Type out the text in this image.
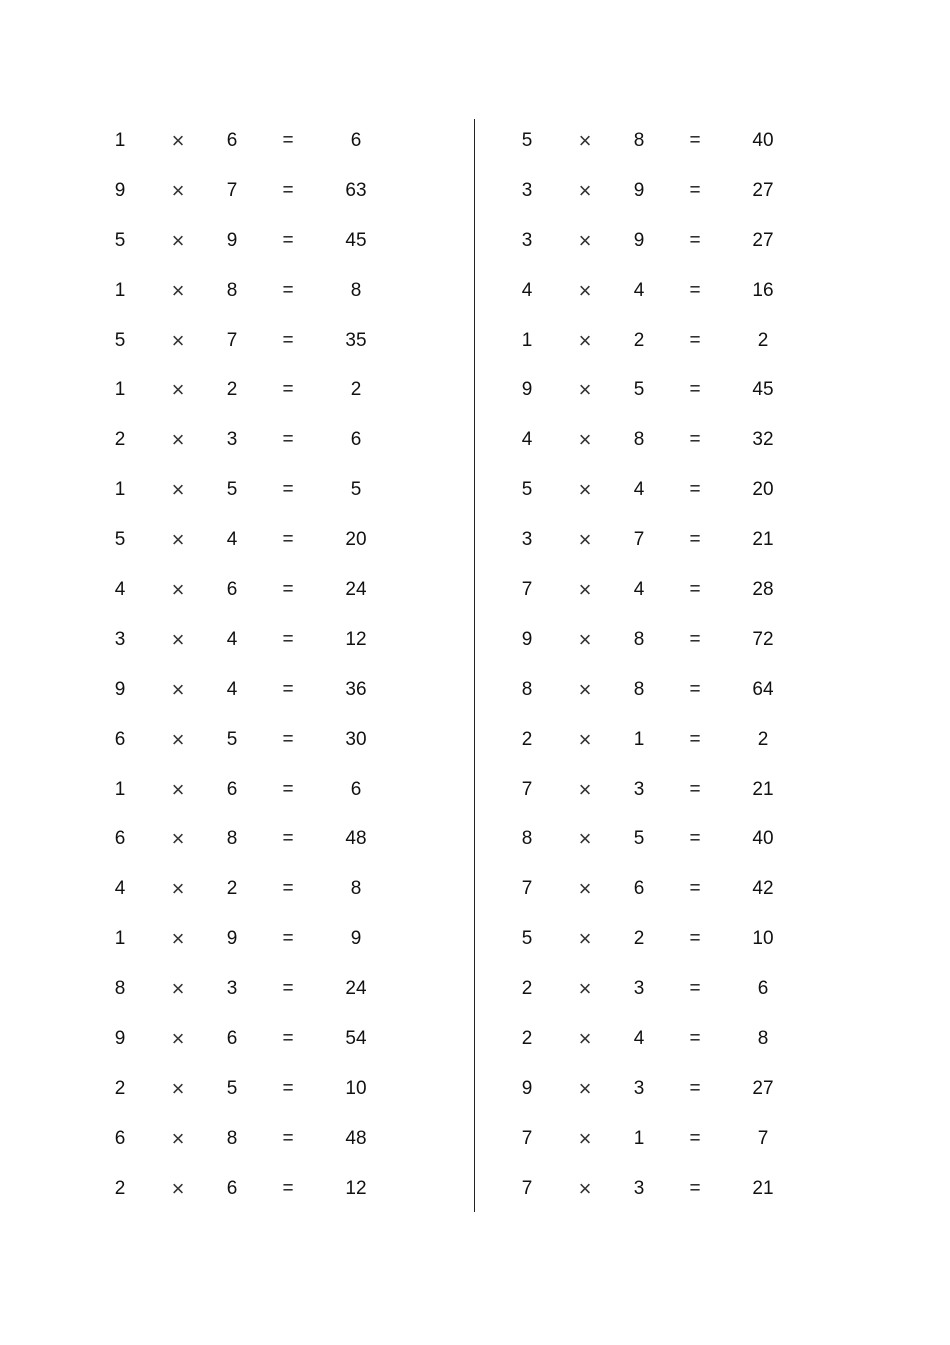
1	×	6	=	6
9	×	7	=	63
5	×	9	=	45
1	×	8	=	8
5	×	7	=	35
1	×	2	=	2
2	×	3	=	6
1	×	5	=	5
5	×	4	=	20
4	×	6	=	24
3	×	4	=	12
9	×	4	=	36
6	×	5	=	30
1	×	6	=	6
6	×	8	=	48
4	×	2	=	8
1	×	9	=	9
8	×	3	=	24
9	×	6	=	54
2	×	5	=	10
6	×	8	=	48
2	×	6	=	12
5	×	8	=	40
3	×	9	=	27
3	×	9	=	27
4	×	4	=	16
1	×	2	=	2
9	×	5	=	45
4	×	8	=	32
5	×	4	=	20
3	×	7	=	21
7	×	4	=	28
9	×	8	=	72
8	×	8	=	64
2	×	1	=	2
7	×	3	=	21
8	×	5	=	40
7	×	6	=	42
5	×	2	=	10
2	×	3	=	6
2	×	4	=	8
9	×	3	=	27
7	×	1	=	7
7	×	3	=	21
